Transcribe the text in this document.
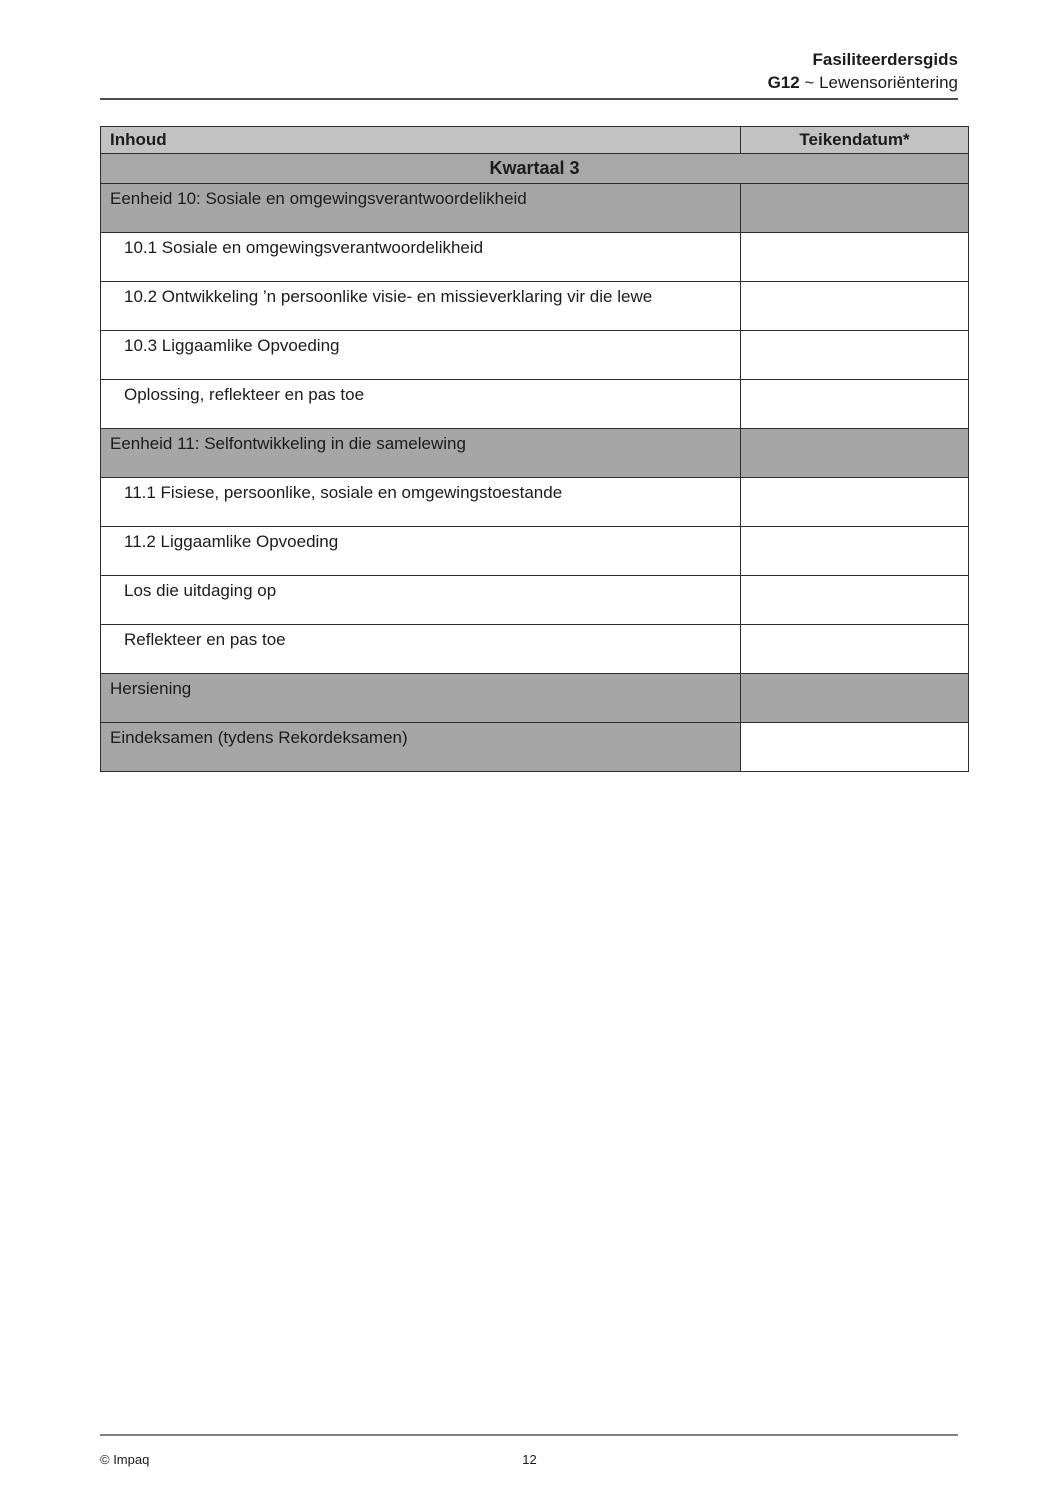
Fasiliteerdersgids
G12 ~ Lewensoriëntering
Inhoud	Teikendatum*
Kwartaal 3	
Eenheid 10: Sosiale en omgewingsverantwoordelikheid	
10.1 Sosiale en omgewingsverantwoordelikheid	
10.2 Ontwikkeling ’n persoonlike visie- en missieverklaring vir die lewe	
10.3 Liggaamlike Opvoeding	
Oplossing, reflekteer en pas toe	
Eenheid 11: Selfontwikkeling in die samelewing	
11.1 Fisiese, persoonlike, sosiale en omgewingstoestande	
11.2 Liggaamlike Opvoeding	
Los die uitdaging op	
Reflekteer en pas toe	
Hersiening	
Eindeksamen (tydens Rekordeksamen)	
© Impaq	12
